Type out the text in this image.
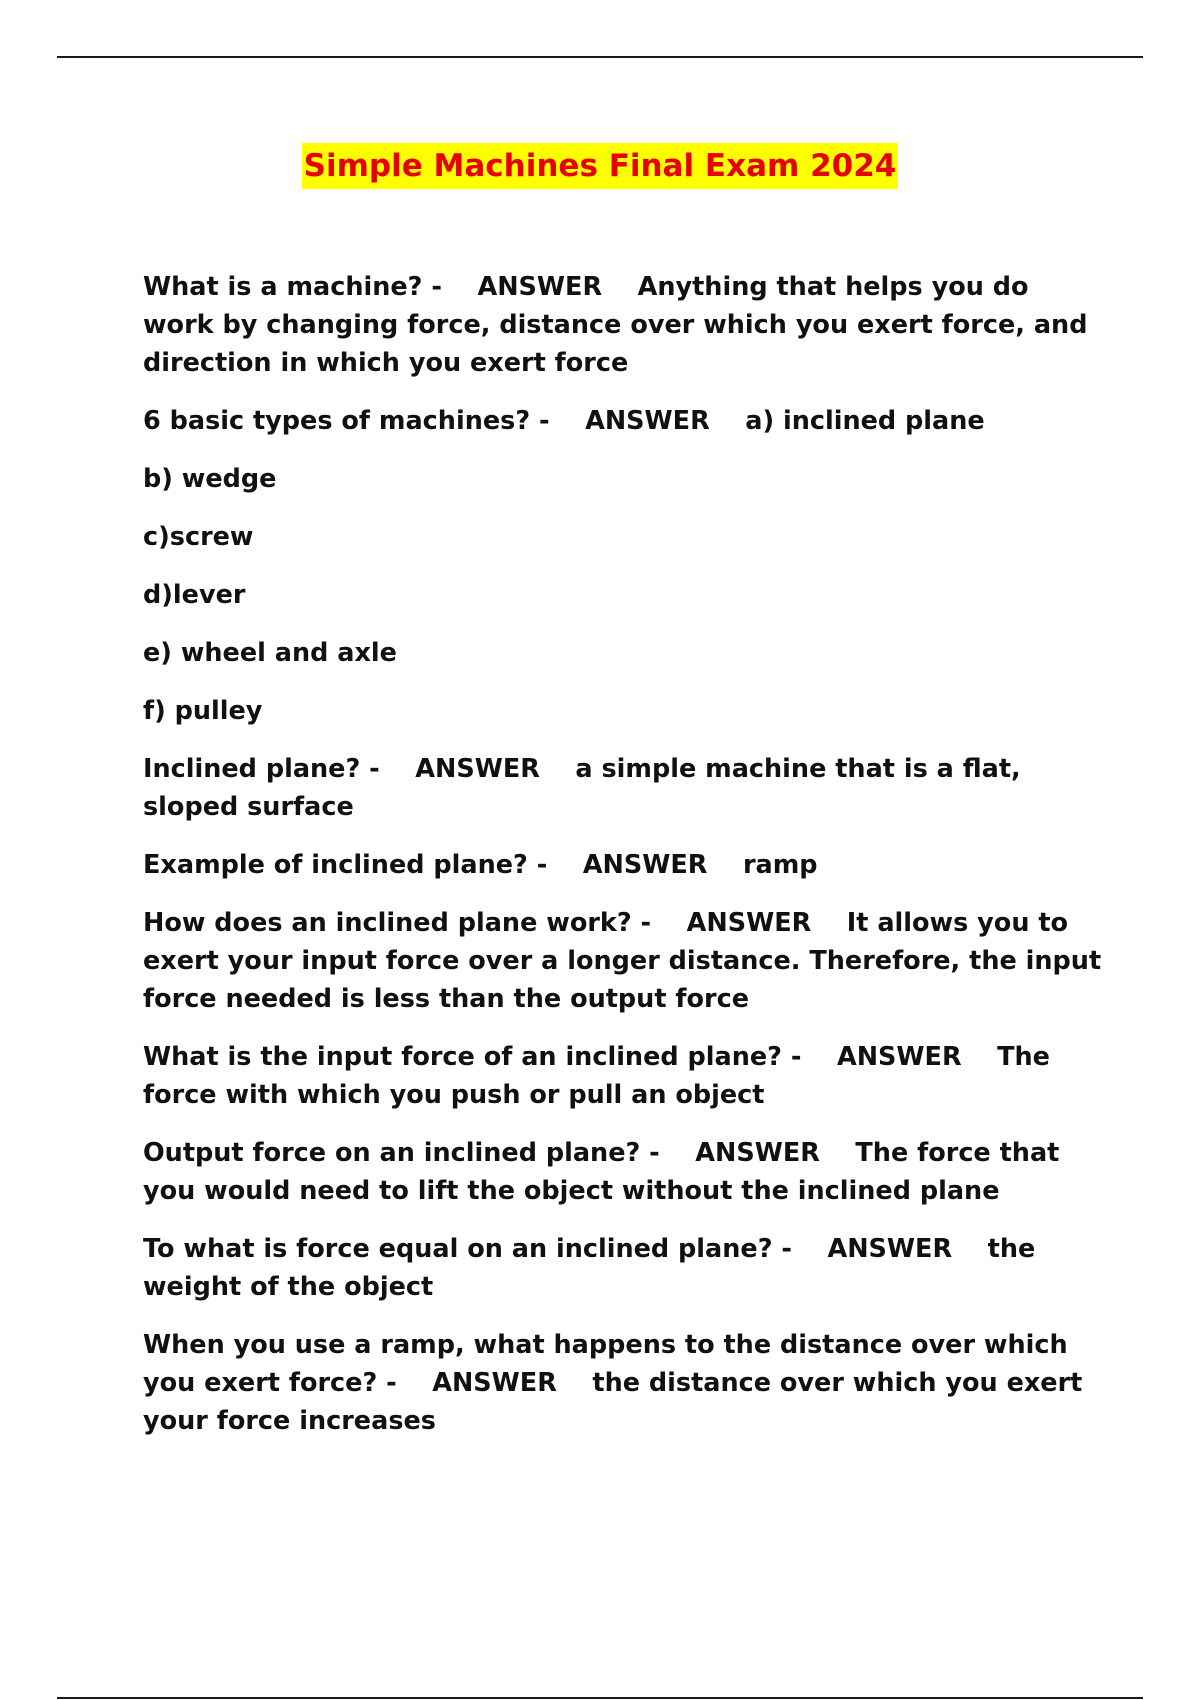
Simple Machines Final Exam 2024

What is a machine? -    ANSWER Anything that helps you do work by changing force, distance over which you exert force, and direction in which you exert force

6 basic types of machines? -    ANSWER a) inclined plane

b) wedge

c)screw

d)lever

e) wheel and axle

f) pulley

Inclined plane? -    ANSWER a simple machine that is a flat, sloped surface

Example of inclined plane? -    ANSWER ramp

How does an inclined plane work? -    ANSWER It allows you to exert your input force over a longer distance. Therefore, the input force needed is less than the output force

What is the input force of an inclined plane? -    ANSWER The force with which you push or pull an object

Output force on an inclined plane? -    ANSWER The force that you would need to lift the object without the inclined plane

To what is force equal on an inclined plane? -    ANSWER the weight of the object

When you use a ramp, what happens to the distance over which you exert force? -    ANSWER the distance over which you exert your force increases
